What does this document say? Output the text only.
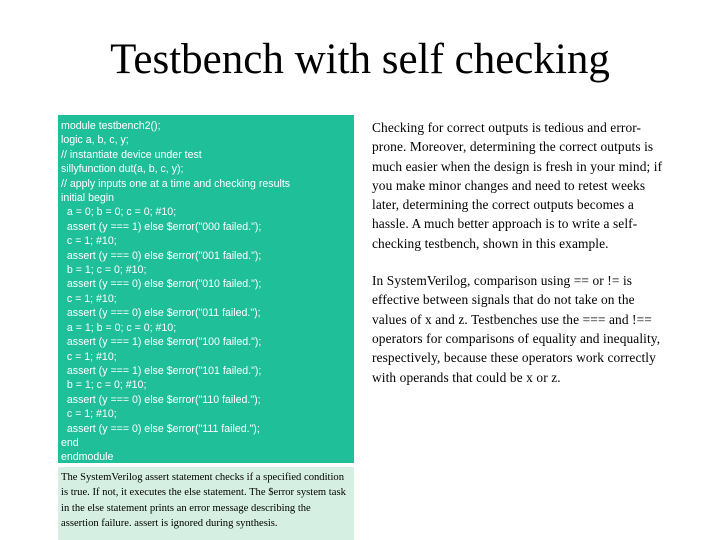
Testbench with self checking
module testbench2();
logic a, b, c, y;
// instantiate device under test
sillyfunction dut(a, b, c, y);
// apply inputs one at a time and checking results
initial begin
a = 0; b = 0; c = 0; #10;
assert (y === 1) else $error("000 failed.");
c = 1; #10;
assert (y === 0) else $error("001 failed.");
b = 1; c = 0; #10;
assert (y === 0) else $error("010 failed.");
c = 1; #10;
assert (y === 0) else $error("011 failed.");
a = 1; b = 0; c = 0; #10;
assert (y === 1) else $error("100 failed.");
c = 1; #10;
assert (y === 1) else $error("101 failed.");
b = 1; c = 0; #10;
assert (y === 0) else $error("110 failed.");
c = 1; #10;
assert (y === 0) else $error("111 failed.");
end
endmodule

The SystemVerilog assert statement checks if a specified condition is true. If not, it executes the else statement. The $error system task in the else statement prints an error message describing the assertion failure. assert is ignored during synthesis.

Checking for correct outputs is tedious and error-prone. Moreover, determining the correct outputs is much easier when the design is fresh in your mind; if you make minor changes and need to retest weeks later, determining the correct outputs becomes a hassle. A much better approach is to write a self-checking testbench, shown in this example.

In SystemVerilog, comparison using == or != is effective between signals that do not take on the values of x and z. Testbenches use the === and !== operators for comparisons of equality and inequality, respectively, because these operators work correctly with operands that could be x or z.
